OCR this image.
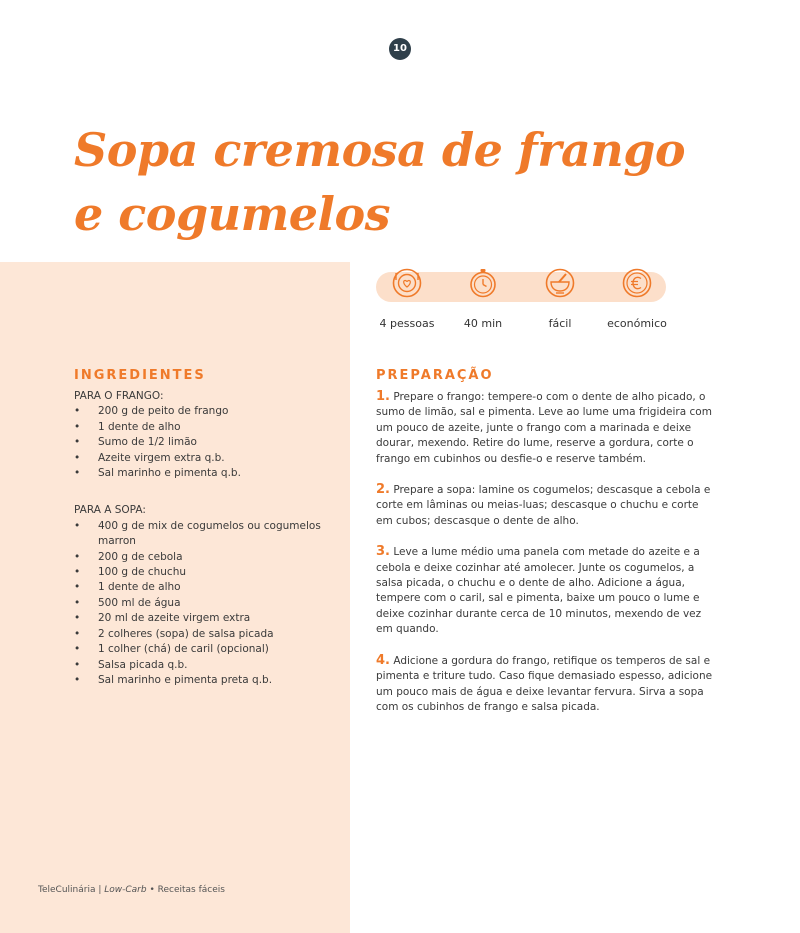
10
Sopa cremosa de frango
e cogumelos
INGREDIENTES
PARA O FRANGO:
• 200 g de peito de frango
• 1 dente de alho
• Sumo de 1/2 limão
• Azeite virgem extra q.b.
• Sal marinho e pimenta q.b.
PARA A SOPA:
• 400 g de mix de cogumelos ou cogumelos marron
• 200 g de cebola
• 100 g de chuchu
• 1 dente de alho
• 500 ml de água
• 20 ml de azeite virgem extra
• 2 colheres (sopa) de salsa picada
• 1 colher (chá) de caril (opcional)
• Salsa picada q.b.
• Sal marinho e pimenta preta q.b.
4 pessoas	40 min	fácil	económico
PREPARAÇÃO

1. Prepare o frango: tempere-o com o dente de alho picado, o sumo de limão, sal e pimenta. Leve ao lume uma frigideira com um pouco de azeite, junte o frango com a marinada e deixe dourar, mexendo. Retire do lume, reserve a gordura, corte o frango em cubinhos ou desfie-o e reserve também.

2. Prepare a sopa: lamine os cogumelos; descasque a cebola e corte em lâminas ou meias-luas; descasque o chuchu e corte em cubos; descasque o dente de alho.

3. Leve a lume médio uma panela com metade do azeite e a cebola e deixe cozinhar até amolecer. Junte os cogumelos, a salsa picada, o chuchu e o dente de alho. Adicione a água, tempere com o caril, sal e pimenta, baixe um pouco o lume e deixe cozinhar durante cerca de 10 minutos, mexendo de vez em quando.

4. Adicione a gordura do frango, retifique os temperos de sal e pimenta e triture tudo. Caso fique demasiado espesso, adicione um pouco mais de água e deixe levantar fervura. Sirva a sopa com os cubinhos de frango e salsa picada.

TeleCulinária | Low-Carb • Receitas fáceis
